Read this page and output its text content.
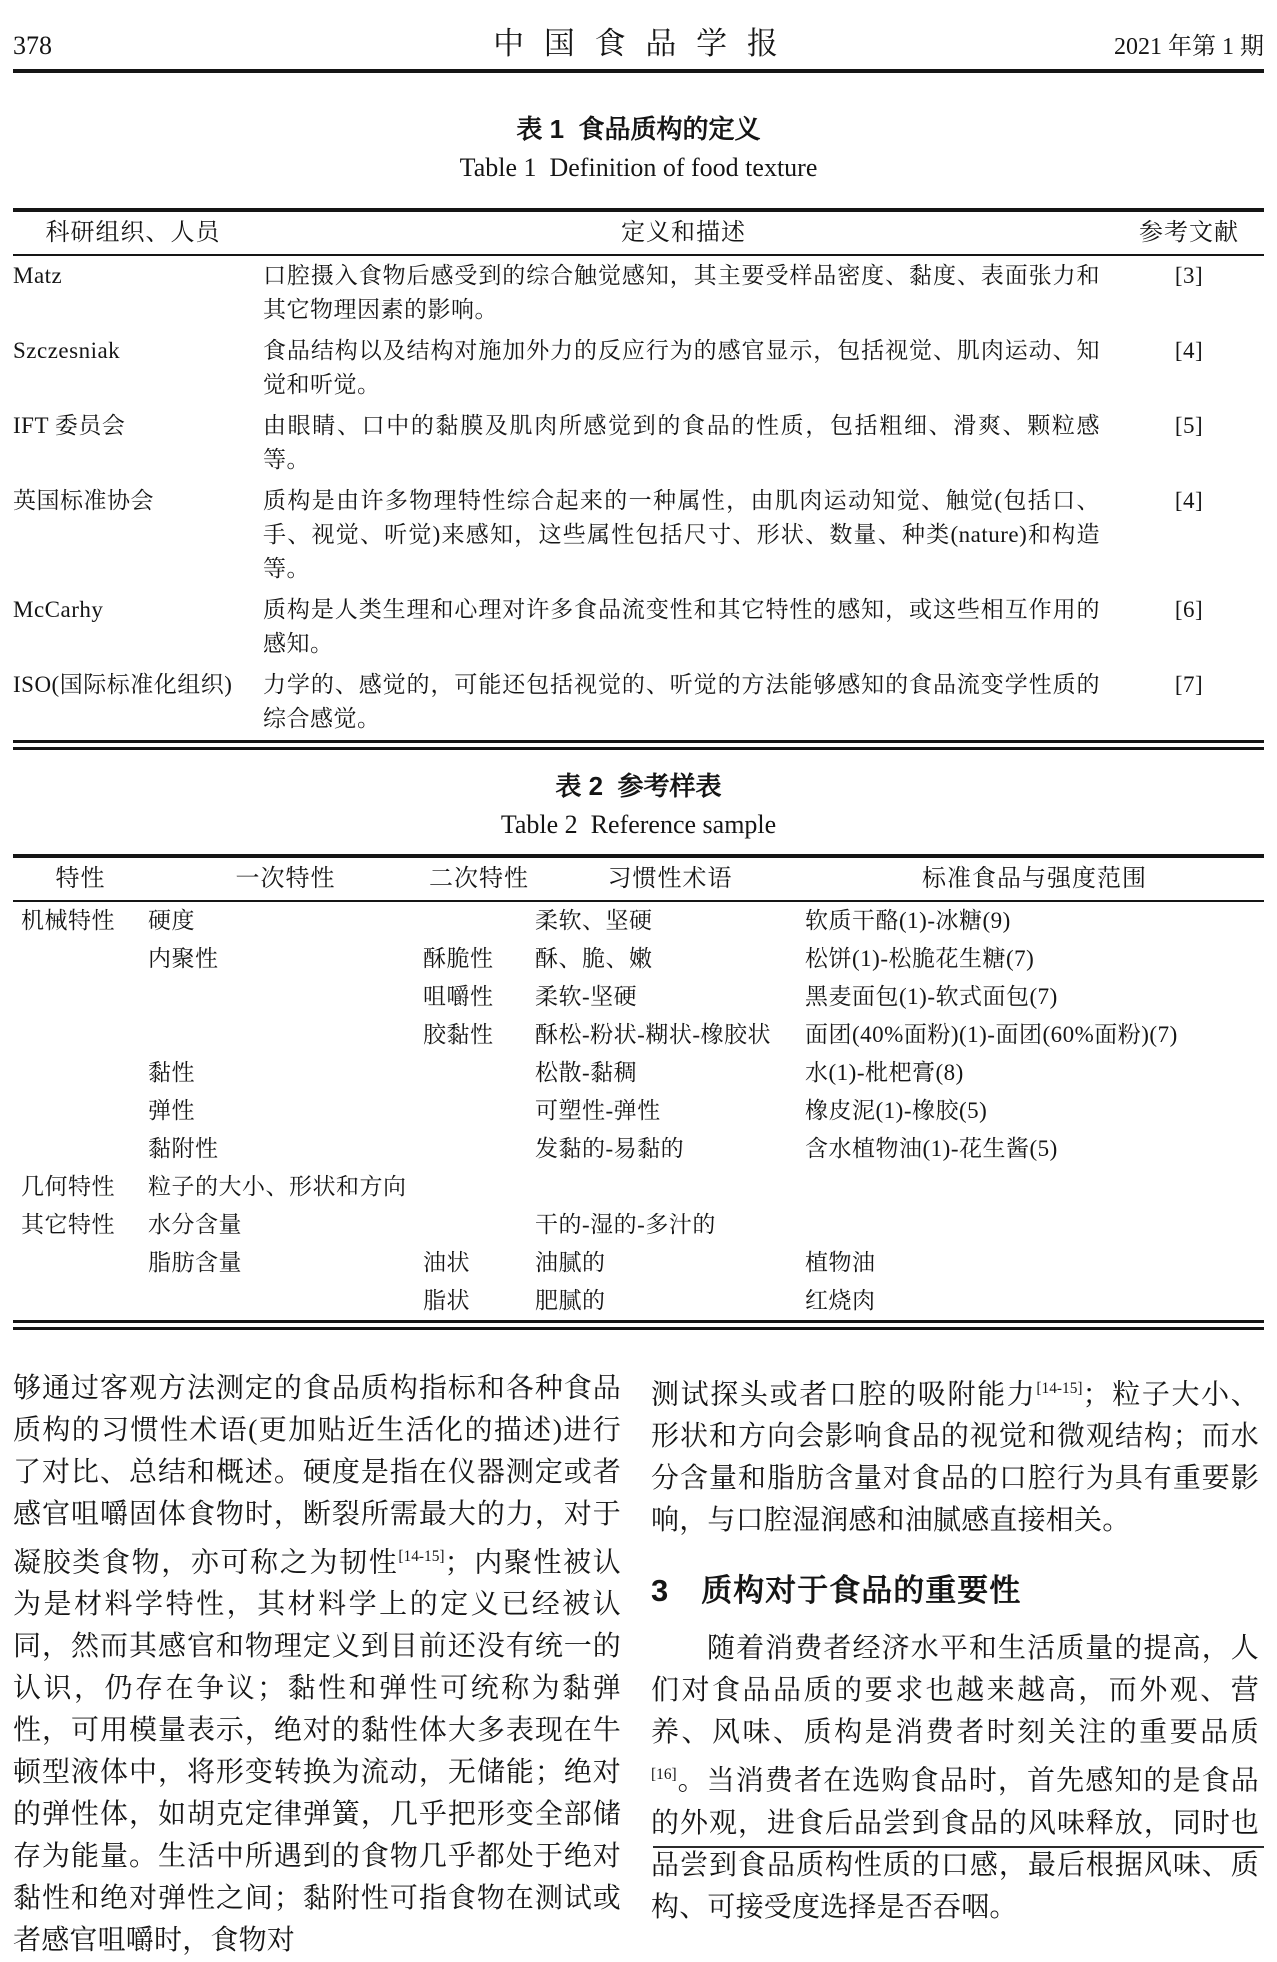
378	中 国 食 品 学 报	2021 年第 1 期
表 1  食品质构的定义
Table 1  Definition of food texture
科研组织、人员	定义和描述	参考文献
Matz	口腔摄入食物后感受到的综合触觉感知，其主要受样品密度、黏度、表面张力和其它物理因素的影响。	[3]
Szczesniak	食品结构以及结构对施加外力的反应行为的感官显示，包括视觉、肌肉运动、知觉和听觉。	[4]
IFT 委员会	由眼睛、口中的黏膜及肌肉所感觉到的食品的性质，包括粗细、滑爽、颗粒感等。	[5]
英国标准协会	质构是由许多物理特性综合起来的一种属性，由肌肉运动知觉、触觉(包括口、手、视觉、听觉)来感知，这些属性包括尺寸、形状、数量、种类(nature)和构造等。	[4]
McCarhy	质构是人类生理和心理对许多食品流变性和其它特性的感知，或这些相互作用的感知。	[6]
ISO(国际标准化组织)	力学的、感觉的，可能还包括视觉的、听觉的方法能够感知的食品流变学性质的综合感觉。	[7]
表 2  参考样表
Table 2  Reference sample
特性	一次特性	二次特性	习惯性术语	标准食品与强度范围
机械特性	硬度		柔软、坚硬	软质干酪(1)-冰糖(9)
	内聚性	酥脆性	酥、脆、嫩	松饼(1)-松脆花生糖(7)
		咀嚼性	柔软-坚硬	黑麦面包(1)-软式面包(7)
		胶黏性	酥松-粉状-糊状-橡胶状	面团(40%面粉)(1)-面团(60%面粉)(7)
	黏性		松散-黏稠	水(1)-枇杷膏(8)
	弹性		可塑性-弹性	橡皮泥(1)-橡胶(5)
	黏附性		发黏的-易黏的	含水植物油(1)-花生酱(5)
几何特性	粒子的大小、形状和方向			
其它特性	水分含量		干的-湿的-多汁的	
	脂肪含量	油状	油腻的	植物油
		脂状	肥腻的	红烧肉

够通过客观方法测定的食品质构指标和各种食品质构的习惯性术语(更加贴近生活化的描述)进行了对比、总结和概述。硬度是指在仪器测定或者感官咀嚼固体食物时，断裂所需最大的力，对于凝胶类食物，亦可称之为韧性[14-15]；内聚性被认为是材料学特性，其材料学上的定义已经被认同，然而其感官和物理定义到目前还没有统一的认识，仍存在争议；黏性和弹性可统称为黏弹性，可用模量表示，绝对的黏性体大多表现在牛顿型液体中，将形变转换为流动，无储能；绝对的弹性体，如胡克定律弹簧，几乎把形变全部储存为能量。生活中所遇到的食物几乎都处于绝对黏性和绝对弹性之间；黏附性可指食物在测试或者感官咀嚼时，食物对

测试探头或者口腔的吸附能力[14-15]；粒子大小、形状和方向会影响食品的视觉和微观结构；而水分含量和脂肪含量对食品的口腔行为具有重要影响，与口腔湿润感和油腻感直接相关。

3　质构对于食品的重要性

随着消费者经济水平和生活质量的提高，人们对食品品质的要求也越来越高，而外观、营养、风味、质构是消费者时刻关注的重要品质[16]。当消费者在选购食品时，首先感知的是食品的外观，进食后品尝到食品的风味释放，同时也品尝到食品质构性质的口感，最后根据风味、质构、可接受度选择是否吞咽。
